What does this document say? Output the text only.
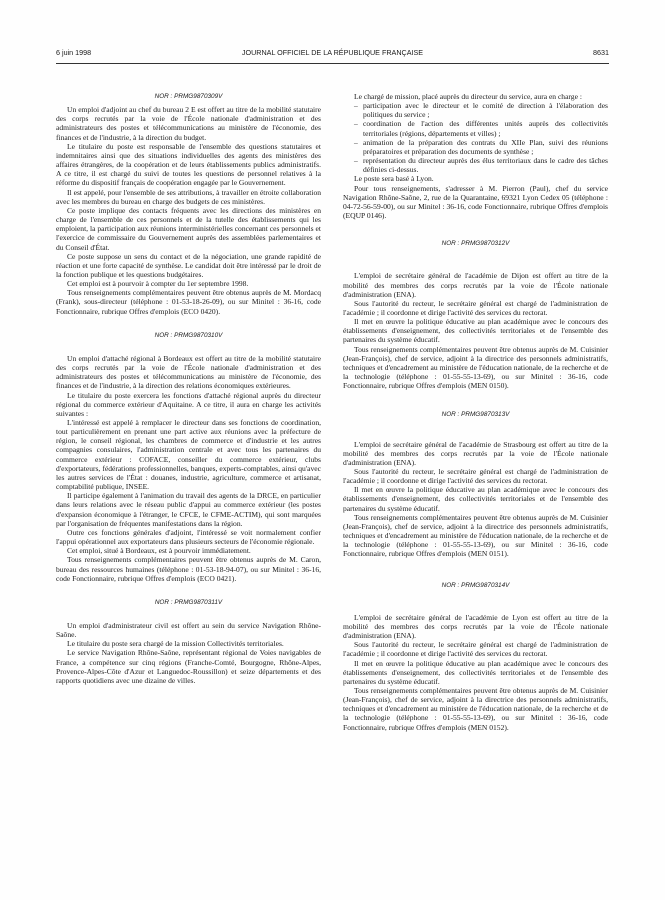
6 juin 1998	JOURNAL OFFICIEL DE LA RÉPUBLIQUE FRANÇAISE	8631

NOR : PRMG9870309V

Un emploi d'adjoint au chef du bureau 2 E est offert au titre de la mobilité statutaire des corps recrutés par la voie de l'École nationale d'administration et des administrateurs des postes et télécommunications au ministère de l'économie, des finances et de l'industrie, à la direction du budget.

Le titulaire du poste est responsable de l'ensemble des questions statutaires et indemnitaires ainsi que des situations individuelles des agents des ministères des affaires étrangères, de la coopération et de leurs établissements publics administratifs. A ce titre, il est chargé du suivi de toutes les questions de personnel relatives à la réforme du dispositif français de coopération engagée par le Gouvernement.

Il est appelé, pour l'ensemble de ses attributions, à travailler en étroite collaboration avec les membres du bureau en charge des budgets de ces ministères.

Ce poste implique des contacts fréquents avec les directions des ministères en charge de l'ensemble de ces personnels et de la tutelle des établissements qui les emploient, la participation aux réunions interministérielles concernant ces personnels et l'exercice de commissaire du Gouvernement auprès des assemblées parlementaires et du Conseil d'État.

Ce poste suppose un sens du contact et de la négociation, une grande rapidité de réaction et une forte capacité de synthèse. Le candidat doit être intéressé par le droit de la fonction publique et les questions budgétaires.

Cet emploi est à pourvoir à compter du 1er septembre 1998.

Tous renseignements complémentaires peuvent être obtenus auprès de M. Mordacq (Frank), sous-directeur (téléphone : 01-53-18-26-09), ou sur Minitel : 36-16, code Fonctionnaire, rubrique Offres d'emplois (ECO 0420).

NOR : PRMG9870310V

Un emploi d'attaché régional à Bordeaux est offert au titre de la mobilité statutaire des corps recrutés par la voie de l'École nationale d'administration et des administrateurs des postes et télécommunications au ministère de l'économie, des finances et de l'industrie, à la direction des relations économiques extérieures.

Le titulaire du poste exercera les fonctions d'attaché régional auprès du directeur régional du commerce extérieur d'Aquitaine. A ce titre, il aura en charge les activités suivantes :

L'intéressé est appelé à remplacer le directeur dans ses fonctions de coordination, tout particulièrement en prenant une part active aux réunions avec la préfecture de région, le conseil régional, les chambres de commerce et d'industrie et les autres compagnies consulaires, l'administration centrale et avec tous les partenaires du commerce extérieur : COFACE, conseiller du commerce extérieur, clubs d'exportateurs, fédérations professionnelles, banques, experts-comptables, ainsi qu'avec les autres services de l'État : douanes, industrie, agriculture, commerce et artisanat, comptabilité publique, INSEE.

Il participe également à l'animation du travail des agents de la DRCE, en particulier dans leurs relations avec le réseau public d'appui au commerce extérieur (les postes d'expansion économique à l'étranger, le CFCE, le CFME-ACTIM), qui sont marquées par l'organisation de fréquentes manifestations dans la région.

Outre ces fonctions générales d'adjoint, l'intéressé se voit normalement confier l'appui opérationnel aux exportateurs dans plusieurs secteurs de l'économie régionale.

Cet emploi, situé à Bordeaux, est à pourvoir immédiatement.

Tous renseignements complémentaires peuvent être obtenus auprès de M. Caron, bureau des ressources humaines (téléphone : 01-53-18-94-07), ou sur Minitel : 36-16, code Fonctionnaire, rubrique Offres d'emplois (ECO 0421).

NOR : PRMG9870311V

Un emploi d'administrateur civil est offert au sein du service Navigation Rhône-Saône.

Le titulaire du poste sera chargé de la mission Collectivités territoriales.

Le service Navigation Rhône-Saône, représentant régional de Voies navigables de France, a compétence sur cinq régions (Franche-Comté, Bourgogne, Rhône-Alpes, Provence-Alpes-Côte d'Azur et Languedoc-Roussillon) et seize départements et des rapports quotidiens avec une dizaine de villes.

Le chargé de mission, placé auprès du directeur du service, aura en charge :

– participation avec le directeur et le comité de direction à l'élaboration des politiques du service ;
– coordination de l'action des différentes unités auprès des collectivités territoriales (régions, départements et villes) ;
– animation de la préparation des contrats du XIIe Plan, suivi des réunions préparatoires et préparation des documents de synthèse ;
– représentation du directeur auprès des élus territoriaux dans le cadre des tâches définies ci-dessus.

Le poste sera basé à Lyon.

Pour tous renseignements, s'adresser à M. Pierron (Paul), chef du service Navigation Rhône-Saône, 2, rue de la Quarantaine, 69321 Lyon Cedex 05 (téléphone : 04-72-56-59-00), ou sur Minitel : 36-16, code Fonctionnaire, rubrique Offres d'emplois (EQUP 0146).

NOR : PRMG9870312V

L'emploi de secrétaire général de l'académie de Dijon est offert au titre de la mobilité des membres des corps recrutés par la voie de l'École nationale d'administration (ENA).

Sous l'autorité du recteur, le secrétaire général est chargé de l'administration de l'académie ; il coordonne et dirige l'activité des services du rectorat.

Il met en œuvre la politique éducative au plan académique avec le concours des établissements d'enseignement, des collectivités territoriales et de l'ensemble des partenaires du système éducatif.

Tous renseignements complémentaires peuvent être obtenus auprès de M. Cuisinier (Jean-François), chef de service, adjoint à la directrice des personnels administratifs, techniques et d'encadrement au ministère de l'éducation nationale, de la recherche et de la technologie (téléphone : 01-55-55-13-69), ou sur Minitel : 36-16, code Fonctionnaire, rubrique Offres d'emplois (MEN 0150).

NOR : PRMG9870313V

L'emploi de secrétaire général de l'académie de Strasbourg est offert au titre de la mobilité des membres des corps recrutés par la voie de l'École nationale d'administration (ENA).

Sous l'autorité du recteur, le secrétaire général est chargé de l'administration de l'académie ; il coordonne et dirige l'activité des services du rectorat.

Il met en œuvre la politique éducative au plan académique avec le concours des établissements d'enseignement, des collectivités territoriales et de l'ensemble des partenaires du système éducatif.

Tous renseignements complémentaires peuvent être obtenus auprès de M. Cuisinier (Jean-François), chef de service, adjoint à la directrice des personnels administratifs, techniques et d'encadrement au ministère de l'éducation nationale, de la recherche et de la technologie (téléphone : 01-55-55-13-69), ou sur Minitel : 36-16, code Fonctionnaire, rubrique Offres d'emplois (MEN 0151).

NOR : PRMG9870314V

L'emploi de secrétaire général de l'académie de Lyon est offert au titre de la mobilité des membres des corps recrutés par la voie de l'École nationale d'administration (ENA).

Sous l'autorité du recteur, le secrétaire général est chargé de l'administration de l'académie ; il coordonne et dirige l'activité des services du rectorat.

Il met en œuvre la politique éducative au plan académique avec le concours des établissements d'enseignement, des collectivités territoriales et de l'ensemble des partenaires du système éducatif.

Tous renseignements complémentaires peuvent être obtenus auprès de M. Cuisinier (Jean-François), chef de service, adjoint à la directrice des personnels administratifs, techniques et d'encadrement au ministère de l'éducation nationale, de la recherche et de la technologie (téléphone : 01-55-55-13-69), ou sur Minitel : 36-16, code Fonctionnaire, rubrique Offres d'emplois (MEN 0152).
